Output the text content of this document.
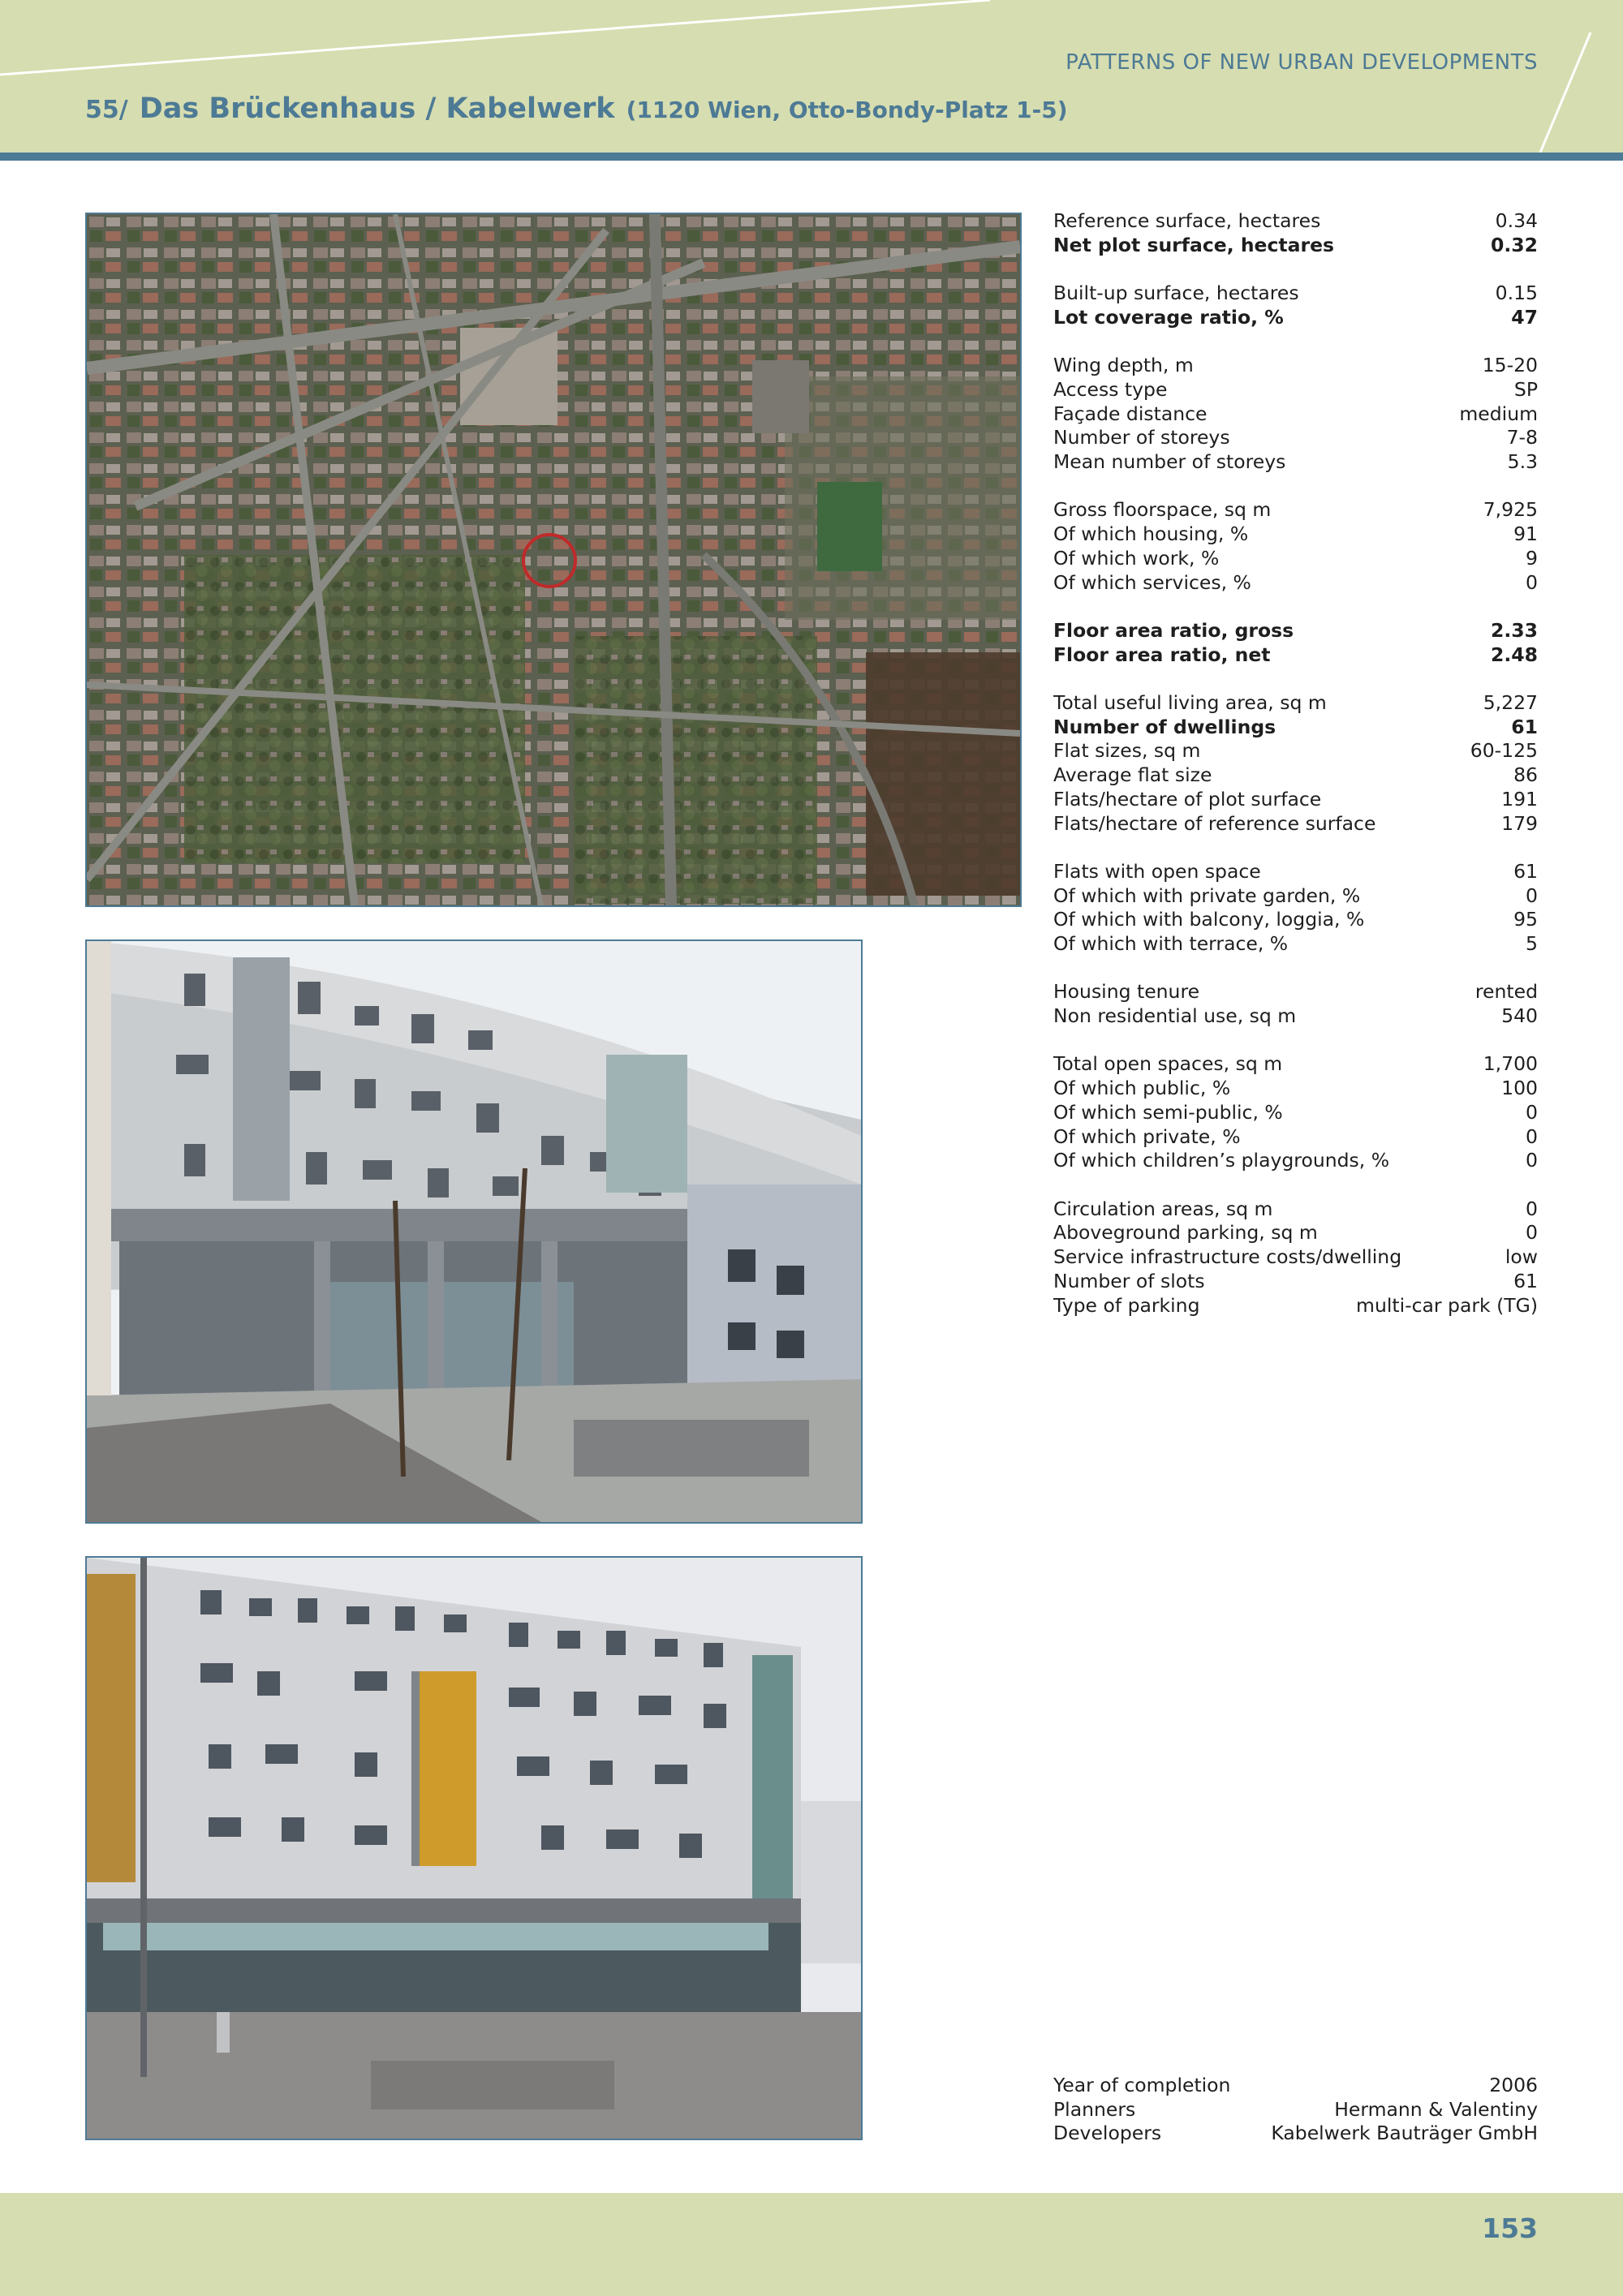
PATTERNS OF NEW URBAN DEVELOPMENTS
55/ Das Brückenhaus / Kabelwerk (1120 Wien, Otto-Bondy-Platz 1-5)
Reference surface, hectares	0.34
Net plot surface, hectares	0.32
Built-up surface, hectares	0.15
Lot coverage ratio, %	47
Wing depth, m	15-20
Access type	SP
Façade distance	medium
Number of storeys	7-8
Mean number of storeys	5.3
Gross floorspace, sq m	7,925
Of which housing, %	91
Of which work, %	9
Of which services, %	0
Floor area ratio, gross	2.33
Floor area ratio, net	2.48
Total useful living area, sq m	5,227
Number of dwellings	61
Flat sizes, sq m	60-125
Average flat size	86
Flats/hectare of plot surface	191
Flats/hectare of reference surface	179
Flats with open space	61
Of which with private garden, %	0
Of which with balcony, loggia, %	95
Of which with terrace, %	5
Housing tenure	rented
Non residential use, sq m	540
Total open spaces, sq m	1,700
Of which public, %	100
Of which semi-public, %	0
Of which private, %	0
Of which children’s playgrounds, %	0
Circulation areas, sq m	0
Aboveground parking, sq m	0
Service infrastructure costs/dwelling	low
Number of slots	61
Type of parking	multi-car park (TG)
Year of completion	2006
Planners	Hermann & Valentiny
Developers	Kabelwerk Bauträger GmbH
153
